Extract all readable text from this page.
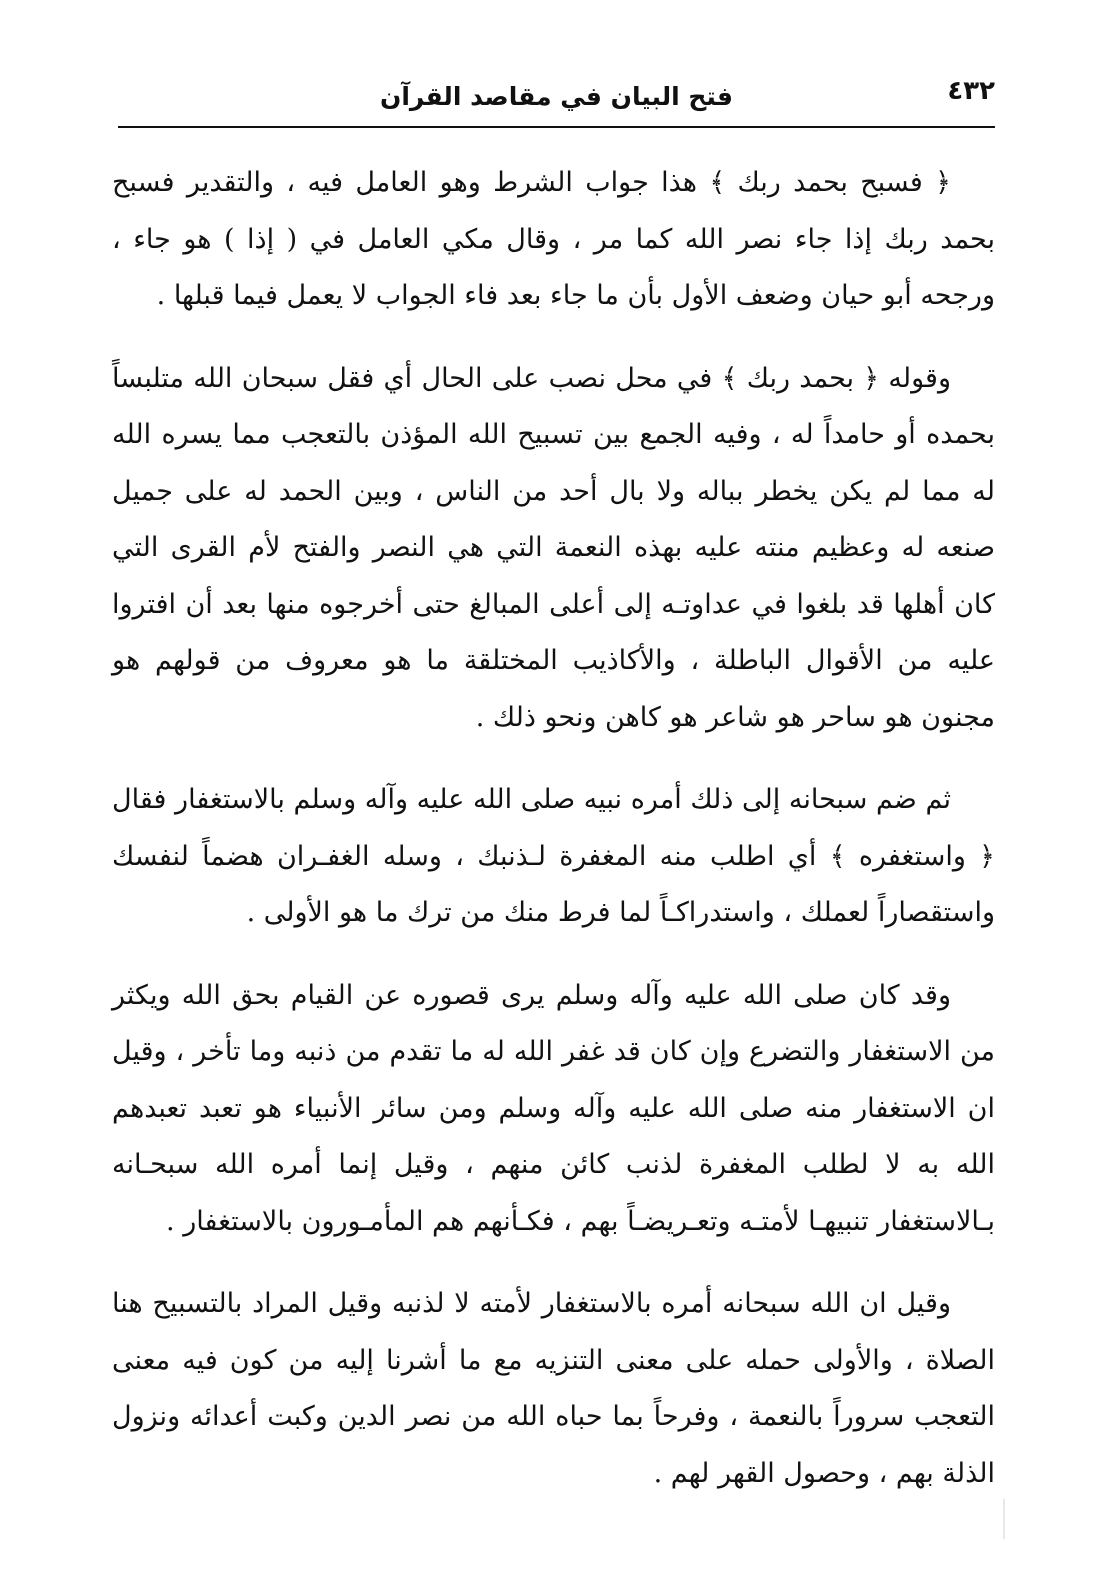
٤٣٢
فتح البيان في مقاصد القرآن

﴿ فسبح بحمد ربك ﴾ هذا جواب الشرط وهو العامل فيه ، والتقدير فسبح بحمد ربك إذا جاء نصر الله كما مر ، وقال مكي العامل في ( إذا ) هو جاء ، ورجحه أبو حيان وضعف الأول بأن ما جاء بعد فاء الجواب لا يعمل فيما قبلها .

وقوله ﴿ بحمد ربك ﴾ في محل نصب على الحال أي فقل سبحان الله متلبساً بحمده أو حامداً له ، وفيه الجمع بين تسبيح الله المؤذن بالتعجب مما يسره الله له مما لم يكن يخطر بباله ولا بال أحد من الناس ، وبين الحمد له على جميل صنعه له وعظيم منته عليه بهذه النعمة التي هي النصر والفتح لأم القرى التي كان أهلها قد بلغوا في عداوتـه إلى أعلى المبالغ حتى أخرجوه منها بعد أن افتروا عليه من الأقوال الباطلة ، والأكاذيب المختلقة ما هو معروف من قولهم هو مجنون هو ساحر هو شاعر هو كاهن ونحو ذلك .

ثم ضم سبحانه إلى ذلك أمره نبيه صلى الله عليه وآله وسلم بالاستغفار فقال ﴿ واستغفره ﴾ أي اطلب منه المغفرة لـذنبك ، وسله الغفـران هضماً لنفسك واستقصاراً لعملك ، واستدراكـاً لما فرط منك من ترك ما هو الأولى .

وقد كان صلى الله عليه وآله وسلم يرى قصوره عن القيام بحق الله ويكثر من الاستغفار والتضرع وإن كان قد غفر الله له ما تقدم من ذنبه وما تأخر ، وقيل ان الاستغفار منه صلى الله عليه وآله وسلم ومن سائر الأنبياء هو تعبد تعبدهم الله به لا لطلب المغفرة لذنب كائن منهم ، وقيل إنما أمره الله سبحـانه بـالاستغفار تنبيهـا لأمتـه وتعـريضـاً بهم ، فكـأنهم هم المأمـورون بالاستغفار .

وقيل ان الله سبحانه أمره بالاستغفار لأمته لا لذنبه وقيل المراد بالتسبيح هنا الصلاة ، والأولى حمله على معنى التنزيه مع ما أشرنا إليه من كون فيه معنى التعجب سروراً بالنعمة ، وفرحاً بما حباه الله من نصر الدين وكبت أعدائه ونزول الذلة بهم ، وحصول القهر لهم .
